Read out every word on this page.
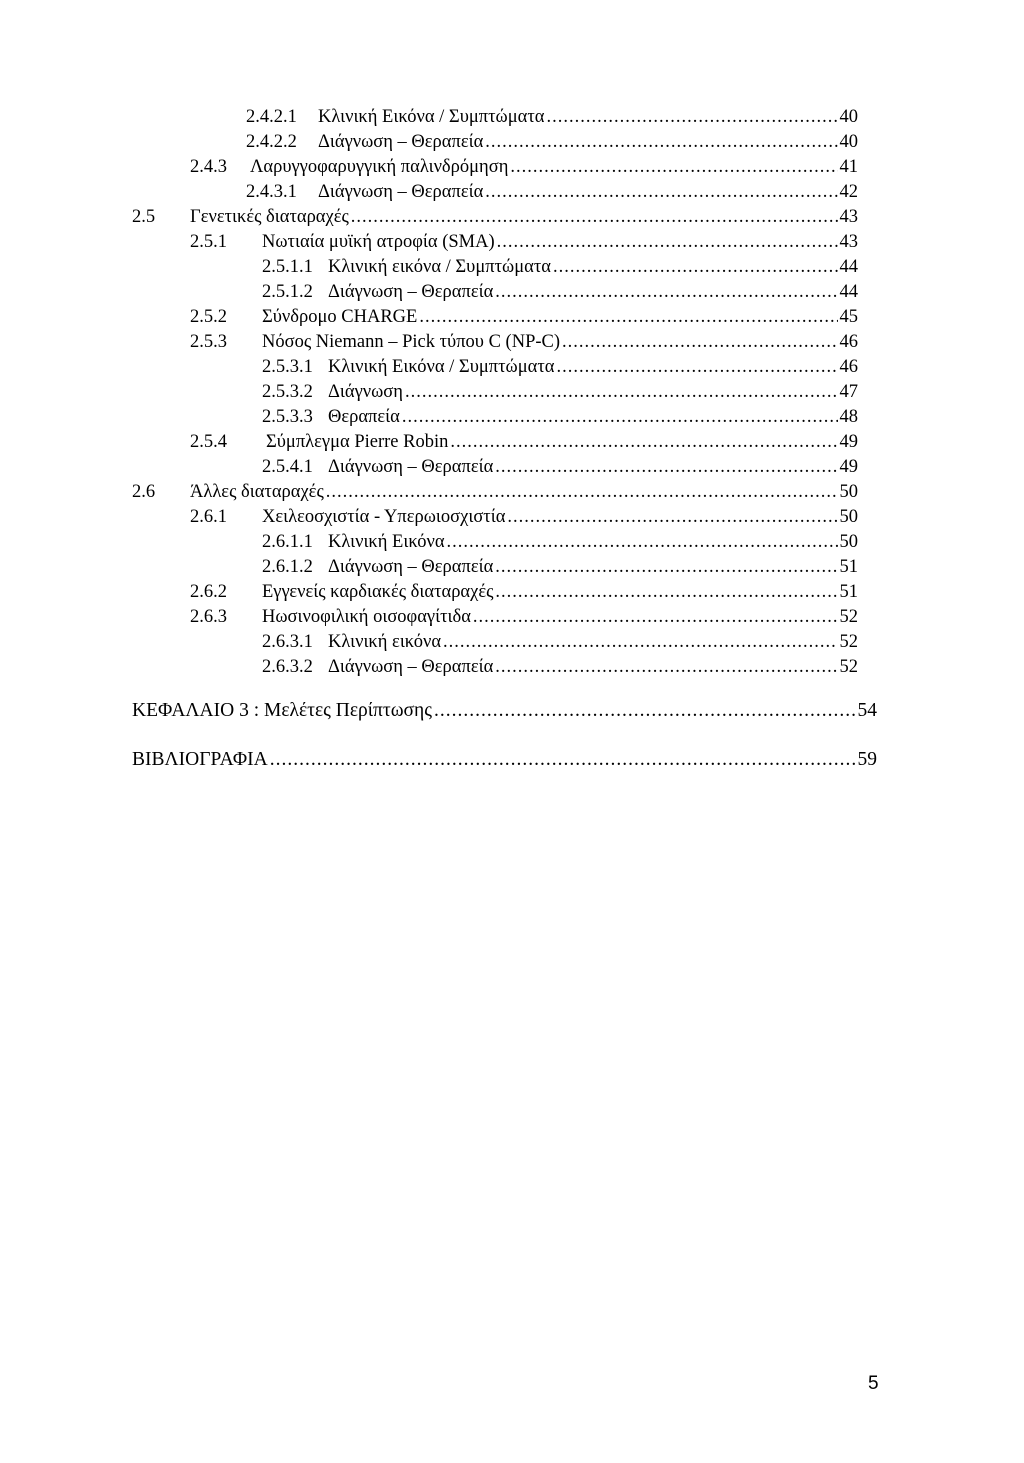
2.4.2.1	Κλινική Εικόνα / Συμπτώματα .....	40
2.4.2.2	Διάγνωση – Θεραπεία .....	40
2.4.3	Λαρυγγοφαρυγγική παλινδρόμηση .....	41
2.4.3.1	Διάγνωση – Θεραπεία .....	42
2.5	Γενετικές διαταραχές .....	43
2.5.1	Νωτιαία μυϊκή ατροφία (SMA) .....	43
2.5.1.1 Κλινική εικόνα / Συμπτώματα .....	44
2.5.1.2 Διάγνωση – Θεραπεία .....	44
2.5.2	Σύνδρομο CHARGE .....	45
2.5.3	Νόσος Niemann – Pick τύπου C (NP-C) .....	46
2.5.3.1 Κλινική Εικόνα / Συμπτώματα .....	46
2.5.3.2 Διάγνωση .....	47
2.5.3.3 Θεραπεία .....	48
2.5.4	Σύμπλεγμα Pierre Robin .....	49
2.5.4.1 Διάγνωση – Θεραπεία .....	49
2.6	Άλλες διαταραχές .....	50
2.6.1	Χειλεοσχιστία - Υπερωιοσχιστία .....	50
2.6.1.1 Κλινική Εικόνα .....	50
2.6.1.2 Διάγνωση – Θεραπεία .....	51
2.6.2	Εγγενείς καρδιακές διαταραχές .....	51
2.6.3	Ηωσινοφιλική οισοφαγίτιδα .....	52
2.6.3.1 Κλινική εικόνα .....	52
2.6.3.2 Διάγνωση – Θεραπεία .....	52
ΚΕΦΑΛΑΙΟ 3 : Μελέτες Περίπτωσης .....	54
ΒΙΒΛΙΟΓΡΑΦΙΑ .....	59
5
